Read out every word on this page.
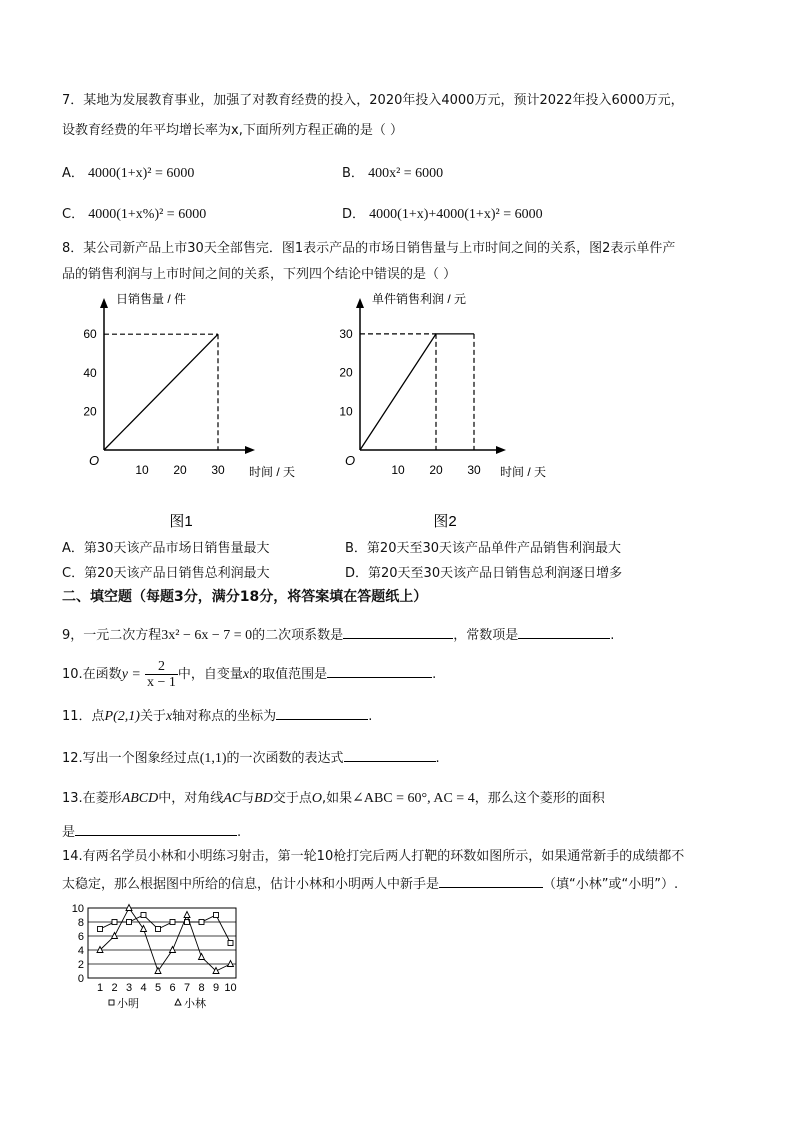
7．某地为发展教育事业，加强了对教育经费的投入，2020年投入4000万元，预计2022年投入6000万元，
设教育经费的年平均增长率为x,下面所列方程正确的是（ ）
A． 4000(1+x)² = 6000	B． 400x² = 6000
C． 4000(1+x%)² = 6000	D． 4000(1+x)+4000(1+x)² = 6000
8．某公司新产品上市30天全部售完．图1表示产品的市场日销售量与上市时间之间的关系，图2表示单件产
品的销售利润与上市时间之间的关系，下列四个结论中错误的是（ ）
日销售量 / 件
时间 / 天
O
10 20 30
20
40
60
图1
单件销售利润 / 元
时间 / 天
O
10 20 30
10
20
30
图2
A．第30天该产品市场日销售量最大	B．第20天至30天该产品单件产品销售利润最大
C．第20天该产品日销售总利润最大	D．第20天至30天该产品日销售总利润逐日增多
二、填空题（每题3分，满分18分，将答案填在答题纸上）
9，一元二次方程3x² − 6x − 7 = 0的二次项系数是	，常数项是	.
10.在函数$y = \frac{2}{x - 1}$ 中，自变量x的取值范围是	.
11．点P(2,1)关于x轴对称点的坐标为	.
12.写出一个图象经过点(1,1)的一次函数的表达式	.
13.在菱形ABCD中，对角线AC与BD交于点O,如果∠ABC = 60°, AC = 4，那么这个菱形的面积
是	.
14.有两名学员小林和小明练习射击，第一轮10枪打完后两人打靶的环数如图所示，如果通常新手的成绩都不
太稳定，那么根据图中所给的信息，估计小林和小明两人中新手是	（填“小林”或“小明”）.
0
2
4
6
8
10
1 2 3 4 5 6 7 8 9 10
小明	小林
